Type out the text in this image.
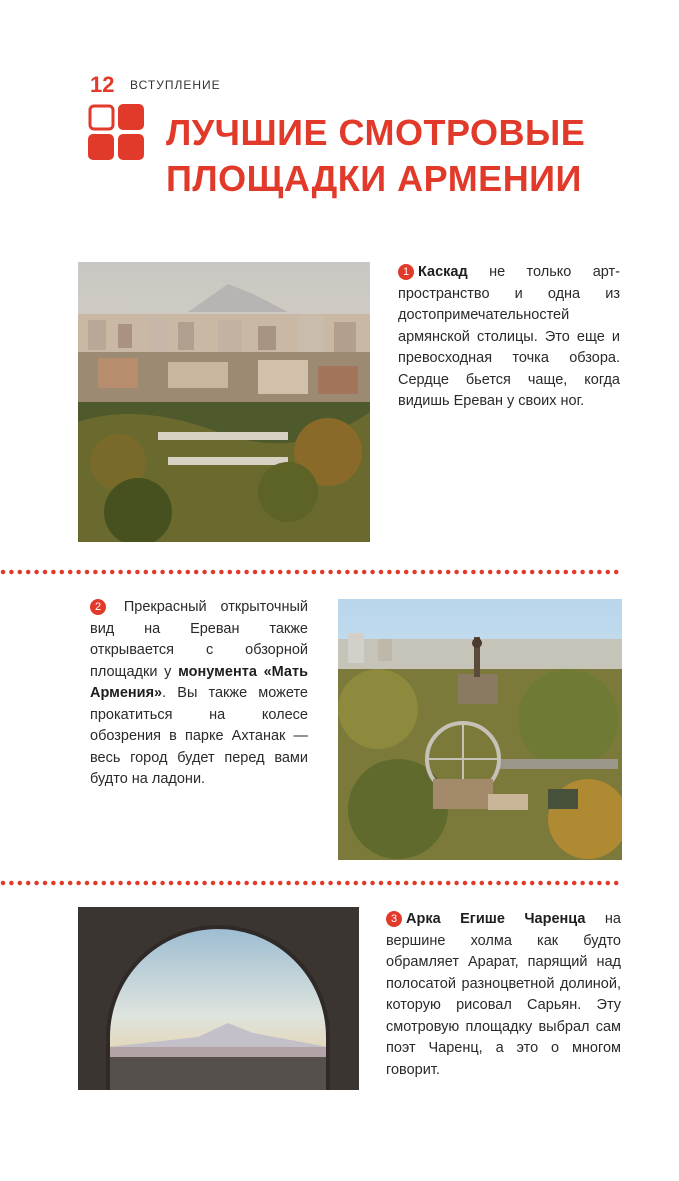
12 ВСТУПЛЕНИЕ
ЛУЧШИЕ СМОТРОВЫЕ
ПЛОЩАДКИ АРМЕНИИ
1 Каскад не только арт-пространство и одна из достопримечательностей армянской столицы. Это еще и превосходная точка обзора. Сердце бьется чаще, когда видишь Ереван у своих ног.
2 Прекрасный открыточный вид на Ереван также открывается с обзорной площадки у монумента «Мать Армения». Вы также можете прокатиться на колесе обозрения в парке Ахтанак — весь город будет перед вами будто на ладони.
3 Арка Егише Чаренца на вершине холма как будто обрамляет Арарат, парящий над полосатой разноцветной долиной, которую рисовал Сарьян. Эту смотровую площадку выбрал сам поэт Чаренц, а это о многом говорит.
